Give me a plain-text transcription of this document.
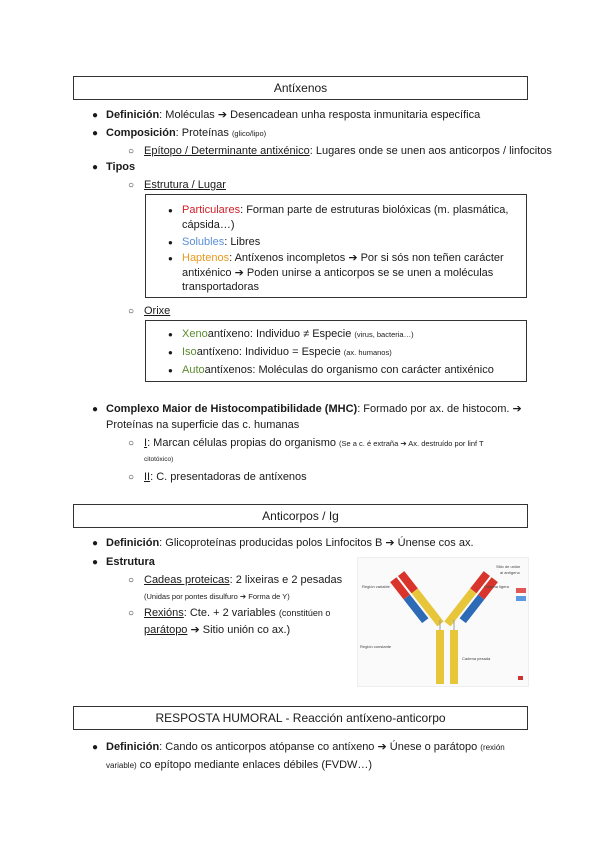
Antíxenos
● Definición: Moléculas ➔ Desencadean unha resposta inmunitaria específica
● Composición: Proteínas (glico/lipo)
○ Epítopo / Determinante antixénico: Lugares onde se unen aos anticorpos / linfocitos
● Tipos
○ Estrutura / Lugar
● Particulares: Forman parte de estruturas biolóxicas (m. plasmática,
cápsida…)
● Solubles: Libres
● Haptenos: Antíxenos incompletos ➔ Por si sós non teñen carácter
antixénico ➔ Poden unirse a anticorpos se se unen a moléculas
transportadoras
○ Orixe
● Xenoantíxeno: Individuo ≠ Especie (virus, bacteria…)
● Isoantíxeno: Individuo = Especie (ax. humanos)
● Autoantíxenos: Moléculas do organismo con carácter antixénico
● Complexo Maior de Histocompatibilidade (MHC): Formado por ax. de histocom. ➔
Proteínas na superficie das c. humanas
○ I: Marcan células propias do organismo (Se a c. é extraña ➔ Ax. destruído por linf T
citotóxico)
○ II: C. presentadoras de antíxenos
Anticorpos / Ig
● Definición: Glicoproteínas producidas polos Linfocitos B ➔ Únense cos ax.
● Estrutura
○ Cadeas proteicas: 2 lixeiras e 2 pesadas
(Unidas por pontes disulfuro ➔ Forma de Y)
○ Rexións: Cte. + 2 variables (constitúen o
parátopo ➔ Sitio unión co ax.)
Región variable
Sitio de unión
al antígeno
Cadena ligera
Región constante
Cadena pesada
RESPOSTA HUMORAL - Reacción antíxeno-anticorpo
● Definición: Cando os anticorpos atópanse co antíxeno ➔ Únese o parátopo (rexión
variable) co epítopo mediante enlaces débiles (FVDW…)
